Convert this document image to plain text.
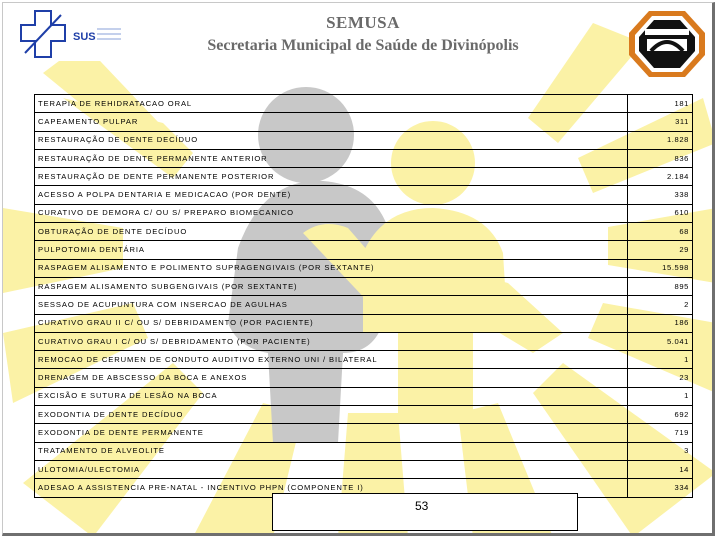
SUS
SEMUSA
Secretaria Municipal de Saúde de Divinópolis
TERAPIA DE REHIDRATACAO ORAL	181
CAPEAMENTO PULPAR	311
RESTAURAÇÃO DE DENTE DECÍDUO	1.828
RESTAURAÇÃO DE DENTE PERMANENTE ANTERIOR	836
RESTAURAÇÃO DE DENTE PERMANENTE POSTERIOR	2.184
ACESSO A POLPA DENTARIA E MEDICACAO (POR DENTE)	338
CURATIVO DE DEMORA C/ OU S/ PREPARO BIOMECANICO	610
OBTURAÇÃO DE DENTE DECÍDUO	68
PULPOTOMIA DENTÁRIA	29
RASPAGEM ALISAMENTO E POLIMENTO SUPRAGENGIVAIS (POR SEXTANTE)	15.598
RASPAGEM ALISAMENTO SUBGENGIVAIS (POR SEXTANTE)	895
SESSAO DE ACUPUNTURA COM INSERCAO DE AGULHAS	2
CURATIVO GRAU II C/ OU S/ DEBRIDAMENTO (POR PACIENTE)	186
CURATIVO GRAU I C/ OU S/ DEBRIDAMENTO (POR PACIENTE)	5.041
REMOCAO DE CERUMEN DE CONDUTO AUDITIVO EXTERNO UNI / BILATERAL	1
DRENAGEM DE ABSCESSO DA BOCA E ANEXOS	23
EXCISÃO E SUTURA DE LESÃO NA BOCA	1
EXODONTIA DE DENTE DECÍDUO	692
EXODONTIA DE DENTE PERMANENTE	719
TRATAMENTO DE ALVEOLITE	3
ULOTOMIA/ULECTOMIA	14
ADESAO A ASSISTENCIA PRE-NATAL - INCENTIVO PHPN (COMPONENTE I)	334
53
